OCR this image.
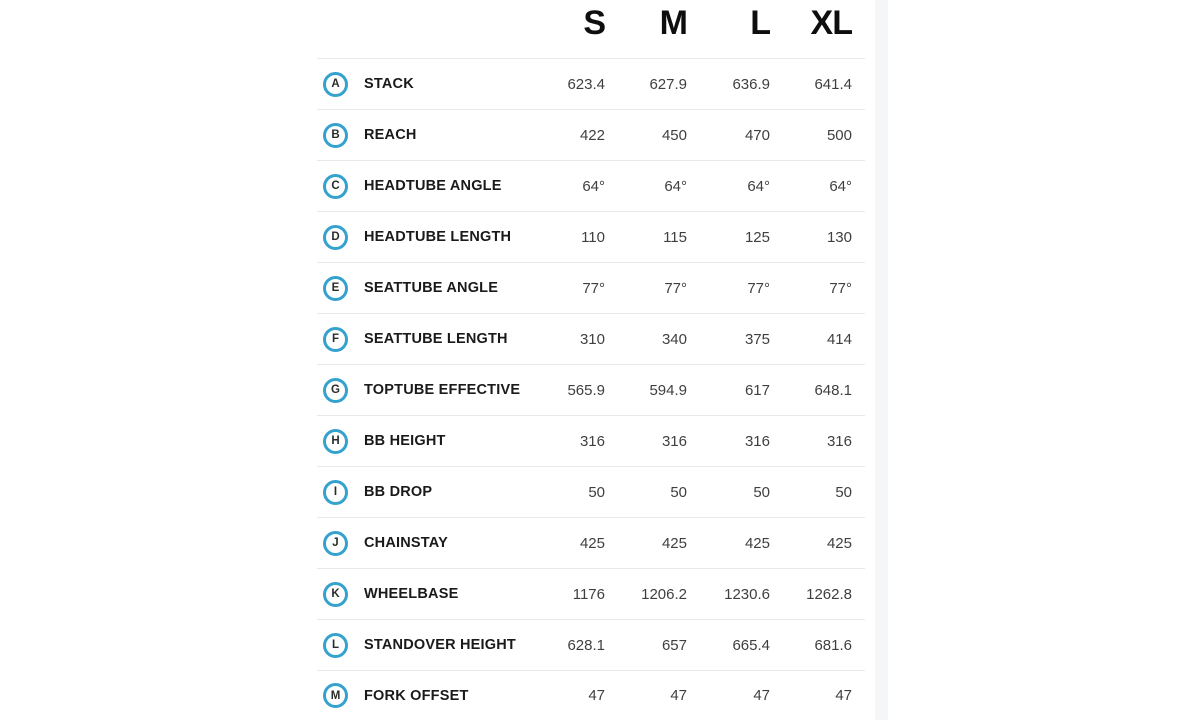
S	M	L	XL
A	STACK	623.4	627.9	636.9	641.4
B	REACH	422	450	470	500
C	HEADTUBE ANGLE	64°	64°	64°	64°
D	HEADTUBE LENGTH	110	115	125	130
E	SEATTUBE ANGLE	77°	77°	77°	77°
F	SEATTUBE LENGTH	310	340	375	414
G	TOPTUBE EFFECTIVE	565.9	594.9	617	648.1
H	BB HEIGHT	316	316	316	316
I	BB DROP	50	50	50	50
J	CHAINSTAY	425	425	425	425
K	WHEELBASE	1176	1206.2	1230.6	1262.8
L	STANDOVER HEIGHT	628.1	657	665.4	681.6
M	FORK OFFSET	47	47	47	47
